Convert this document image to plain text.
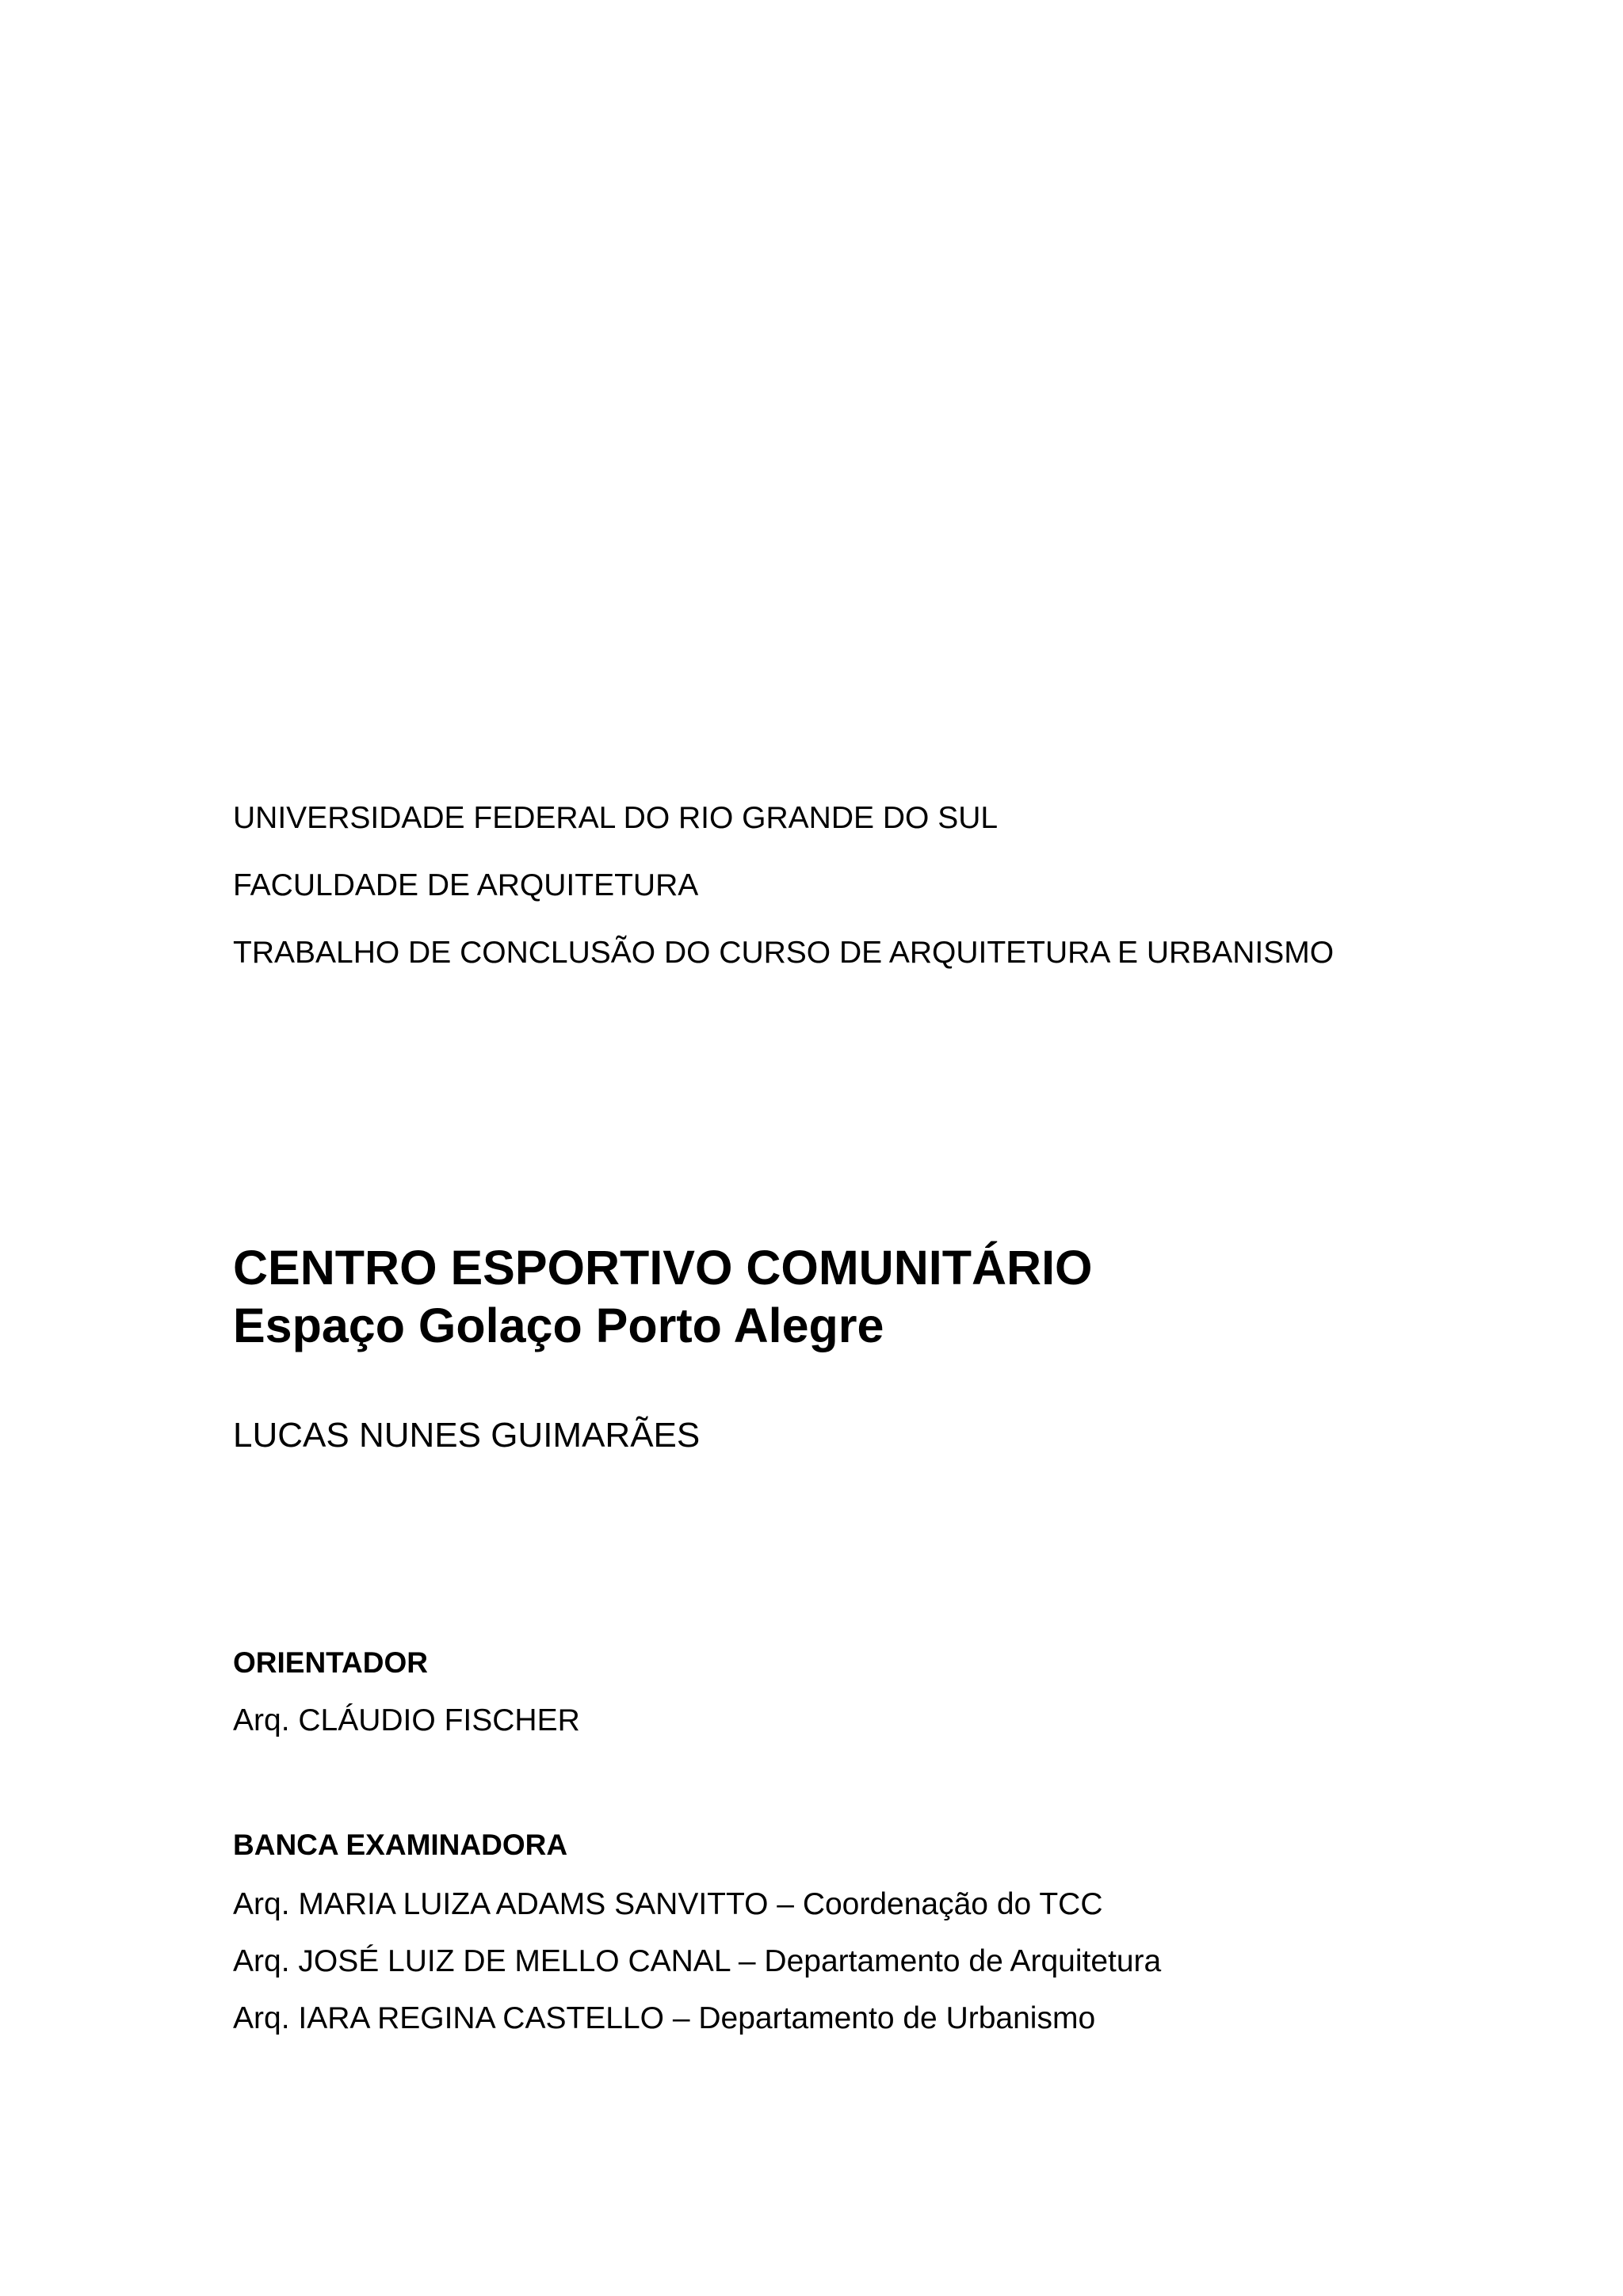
UNIVERSIDADE FEDERAL DO RIO GRANDE DO SUL

FACULDADE DE ARQUITETURA

TRABALHO DE CONCLUSÃO DO CURSO DE ARQUITETURA E URBANISMO

CENTRO ESPORTIVO COMUNITÁRIO
Espaço Golaço Porto Alegre

LUCAS NUNES GUIMARÃES

ORIENTADOR

Arq. CLÁUDIO FISCHER

BANCA EXAMINADORA

Arq. MARIA LUIZA ADAMS SANVITTO – Coordenação do TCC

Arq. JOSÉ LUIZ DE MELLO CANAL – Departamento de Arquitetura

Arq. IARA REGINA CASTELLO – Departamento de Urbanismo
